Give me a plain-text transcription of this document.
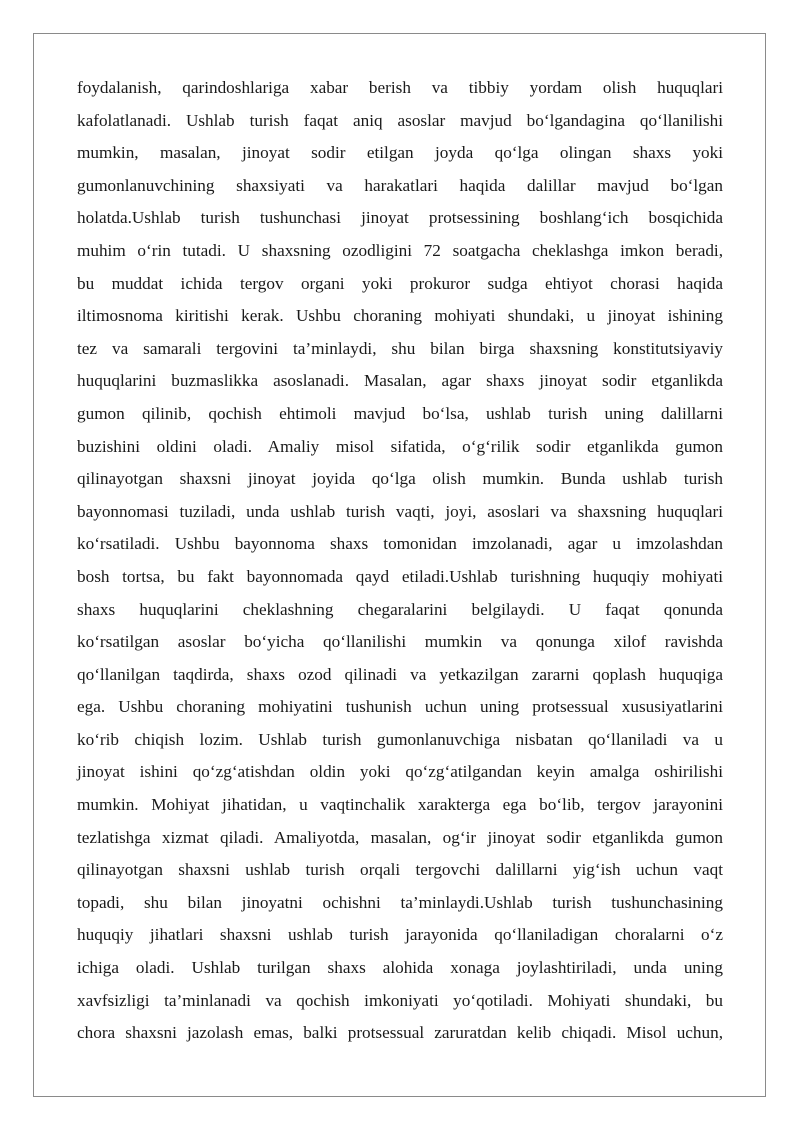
foydalanish, qarindoshlariga xabar berish va tibbiy yordam olish huquqlari
kafolatlanadi. Ushlab turish faqat aniq asoslar mavjud bo‘lgandagina qo‘llanilishi
mumkin, masalan, jinoyat sodir etilgan joyda qo‘lga olingan shaxs yoki
gumonlanuvchining shaxsiyati va harakatlari haqida dalillar mavjud bo‘lgan
holatda.Ushlab turish tushunchasi jinoyat protsessining boshlang‘ich bosqichida
muhim o‘rin tutadi. U shaxsning ozodligini 72 soatgacha cheklashga imkon beradi,
bu muddat ichida tergov organi yoki prokuror sudga ehtiyot chorasi haqida
iltimosnoma kiritishi kerak. Ushbu choraning mohiyati shundaki, u jinoyat ishining
tez va samarali tergovini ta’minlaydi, shu bilan birga shaxsning konstitutsiyaviy
huquqlarini buzmaslikka asoslanadi. Masalan, agar shaxs jinoyat sodir etganlikda
gumon qilinib, qochish ehtimoli mavjud bo‘lsa, ushlab turish uning dalillarni
buzishini oldini oladi. Amaliy misol sifatida, o‘g‘rilik sodir etganlikda gumon
qilinayotgan shaxsni jinoyat joyida qo‘lga olish mumkin. Bunda ushlab turish
bayonnomasi tuziladi, unda ushlab turish vaqti, joyi, asoslari va shaxsning huquqlari
ko‘rsatiladi. Ushbu bayonnoma shaxs tomonidan imzolanadi, agar u imzolashdan
bosh tortsa, bu fakt bayonnomada qayd etiladi.Ushlab turishning huquqiy mohiyati
shaxs huquqlarini cheklashning chegaralarini belgilaydi. U faqat qonunda
ko‘rsatilgan asoslar bo‘yicha qo‘llanilishi mumkin va qonunga xilof ravishda
qo‘llanilgan taqdirda, shaxs ozod qilinadi va yetkazilgan zararni qoplash huquqiga
ega. Ushbu choraning mohiyatini tushunish uchun uning protsessual xususiyatlarini
ko‘rib chiqish lozim. Ushlab turish gumonlanuvchiga nisbatan qo‘llaniladi va u
jinoyat ishini qo‘zg‘atishdan oldin yoki qo‘zg‘atilgandan keyin amalga oshirilishi
mumkin. Mohiyat jihatidan, u vaqtinchalik xarakterga ega bo‘lib, tergov jarayonini
tezlatishga xizmat qiladi. Amaliyotda, masalan, og‘ir jinoyat sodir etganlikda gumon
qilinayotgan shaxsni ushlab turish orqali tergovchi dalillarni yig‘ish uchun vaqt
topadi, shu bilan jinoyatni ochishni ta’minlaydi.Ushlab turish tushunchasining
huquqiy jihatlari shaxsni ushlab turish jarayonida qo‘llaniladigan choralarni o‘z
ichiga oladi. Ushlab turilgan shaxs alohida xonaga joylashtiriladi, unda uning
xavfsizligi ta’minlanadi va qochish imkoniyati yo‘qotiladi. Mohiyati shundaki, bu
chora shaxsni jazolash emas, balki protsessual zaruratdan kelib chiqadi. Misol uchun,
